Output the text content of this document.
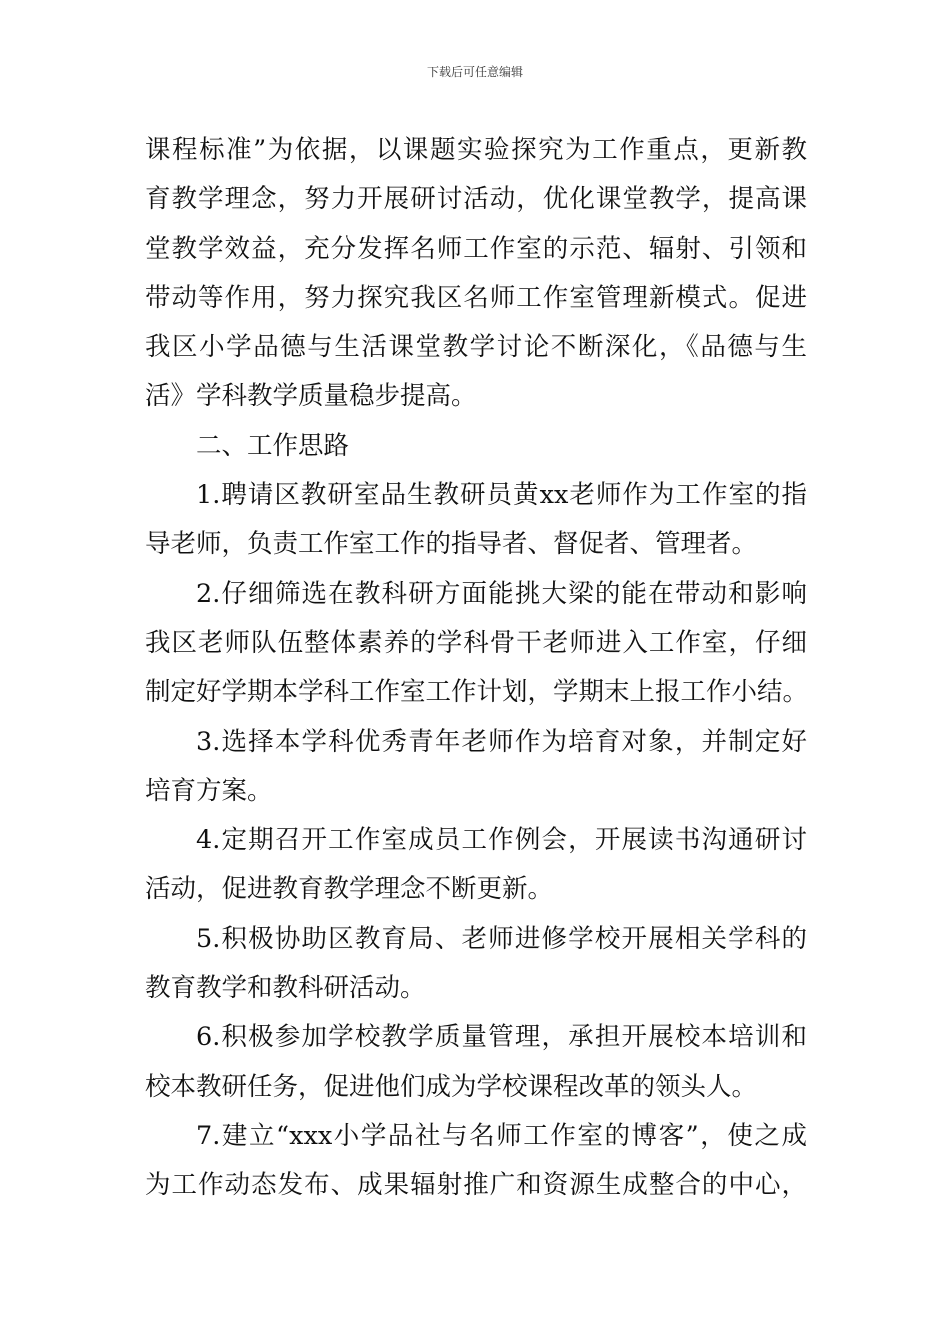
下载后可任意编辑
课程标准”为依据，以课题实验探究为工作重点，更新教
育教学理念，努力开展研讨活动，优化课堂教学，提高课
堂教学效益，充分发挥名师工作室的示范、辐射、引领和
带动等作用，努力探究我区名师工作室管理新模式。促进
我区小学品德与生活课堂教学讨论不断深化，《品德与生
活》学科教学质量稳步提高。
二、工作思路
1.聘请区教研室品生教研员黄xx老师作为工作室的指
导老师，负责工作室工作的指导者、督促者、管理者。
2.仔细筛选在教科研方面能挑大梁的能在带动和影响
我区老师队伍整体素养的学科骨干老师进入工作室，仔细
制定好学期本学科工作室工作计划，学期末上报工作小结。
3.选择本学科优秀青年老师作为培育对象，并制定好
培育方案。
4.定期召开工作室成员工作例会，开展读书沟通研讨
活动，促进教育教学理念不断更新。
5.积极协助区教育局、老师进修学校开展相关学科的
教育教学和教科研活动。
6.积极参加学校教学质量管理，承担开展校本培训和
校本教研任务，促进他们成为学校课程改革的领头人。
7.建立“xxx小学品社与名师工作室的博客”，使之成
为工作动态发布、成果辐射推广和资源生成整合的中心，
